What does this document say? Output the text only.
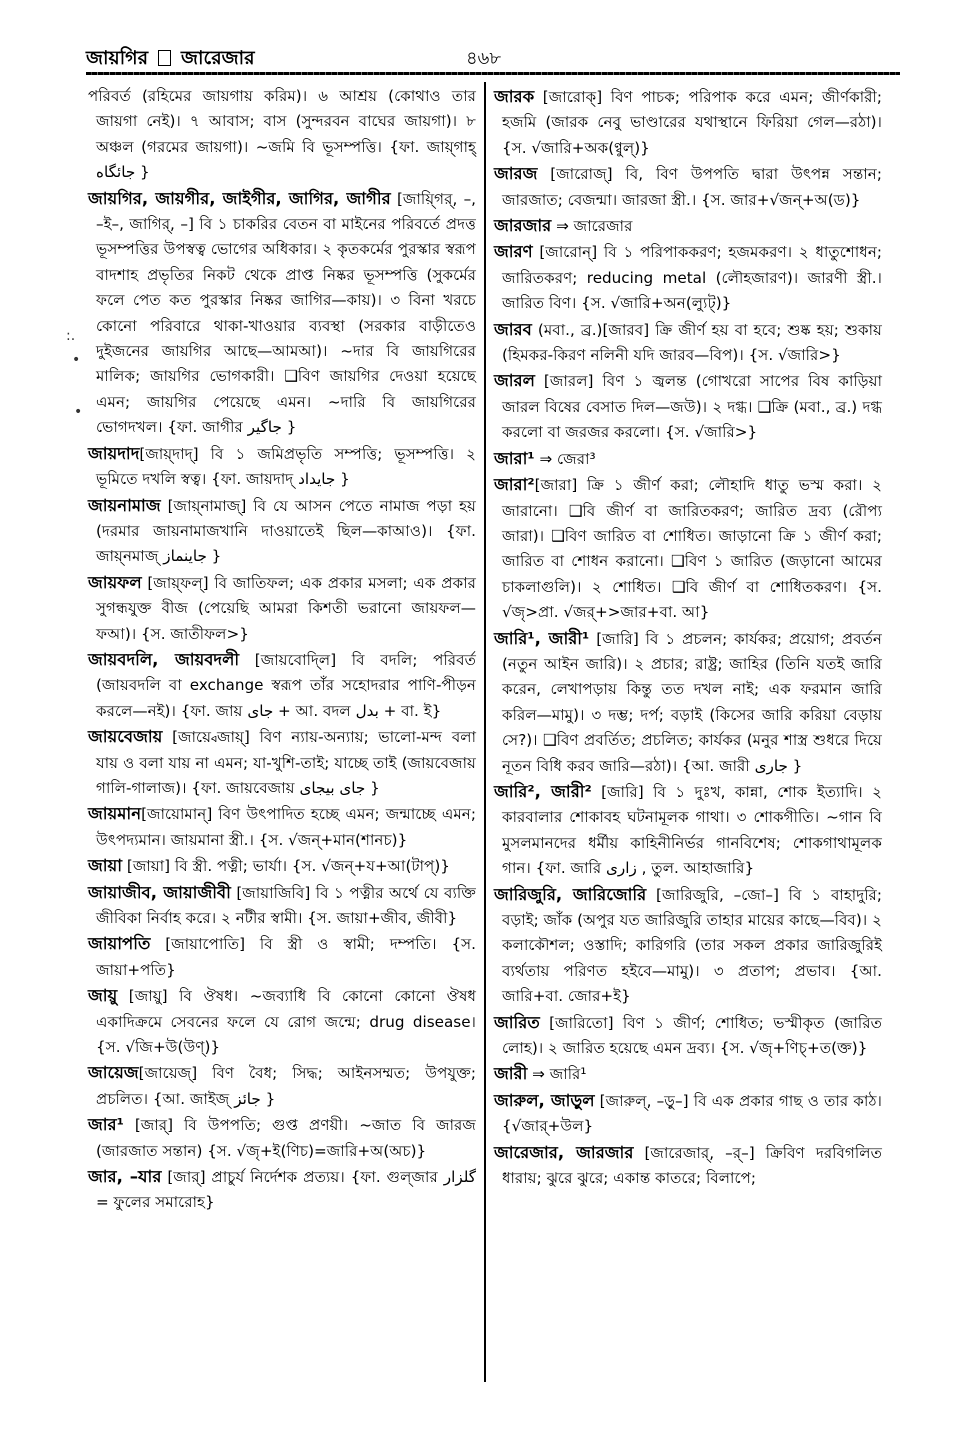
জায়গির জারেজার	৪৬৮
পরিবর্ত (রহিমের জায়গায় করিম)। ৬ আশ্রয় (কোথাও তার জায়গা নেই)। ৭ আবাস; বাস (সুন্দরবন বাঘের জায়গা)। ৮ অঞ্চল (গরমের জায়গা)। ~জমি বি ভূসম্পত্তি। {ফা. জায়্গাহ্ جائگاه }
জায়গির, জায়গীর, জাইগীর, জাগির, জাগীর [জায়্গির্, –, –ই–, জাগির্, –] বি ১ চাকরির বেতন বা মাইনের পরিবর্তে প্রদত্ত ভূসম্পত্তির উপস্বত্ব ভোগের অধিকার। ২ কৃতকর্মের পুরস্কার স্বরূপ বাদশাহ প্রভৃতির নিকট থেকে প্রাপ্ত নিষ্কর ভূসম্পত্তি (সুকর্মের ফলে পেত কত পুরস্কার নিষ্কর জাগির—কায়)। ৩ বিনা খরচে কোনো পরিবারে থাকা-খাওয়ার ব্যবস্থা (সরকার বাড়ীতেও দুইজনের জায়গির আছে—আমআ)। ~দার বি জায়গিরের মালিক; জায়গির ভোগকারী। ❑বিণ জায়গির দেওয়া হয়েছে এমন; জায়গির পেয়েছে এমন। ~দারি বি জায়গিরের ভোগদখল। {ফা. জাগীর جاگیر }
জায়দাদ[জায়্দাদ্] বি ১ জমিপ্রভৃতি সম্পত্তি; ভূসম্পত্তি। ২ ভূমিতে দখলি স্বত্ব। {ফা. জায়দাদ্ جايداد }
জায়নামাজ [জায়্নামাজ্] বি যে আসন পেতে নামাজ পড়া হয় (দরমার জায়নামাজখানি দাওয়াতেই ছিল—কাআও)। {ফা. জায়্নমাজ্ جاینماز }
জায়ফল [জায়্ফল্] বি জাতিফল; এক প্রকার মসলা; এক প্রকার সুগন্ধযুক্ত বীজ (পেয়েছি আমরা কিশতী ভরানো জায়ফল—ফআ)। {স. জাতীফল>}
জায়বদলি, জায়বদলী [জায়বোদ্লি] বি বদলি; পরিবর্ত (জায়বদলি বা exchange স্বরূপ তাঁর সহোদরার পাণি-পীড়ন করলে—নই)। {ফা. জায় جای + আ. বদল بدل + বা. ই}
জায়বেজায় [জায়্বেজায়্] বিণ ন্যায়-অন্যায়; ভালো-মন্দ বলা যায় ও বলা যায় না এমন; যা-খুশি-তাই; যাচ্ছে তাই (জায়বেজায় গালি-গালাজ)। {ফা. জায়বেজায় جای بیجای }
জায়মান[জায়োমান্] বিণ উৎপাদিত হচ্ছে এমন; জন্মাচ্ছে এমন; উৎপদ্যমান। জায়মানা স্ত্রী.। {স. √জন্+মান(শানচ)}
জায়া [জায়া] বি স্ত্রী. পত্নী; ভার্যা। {স. √জন্+য+আ(টাপ্)}
জায়াজীব, জায়াজীবী [জায়াজিবি] বি ১ পত্নীর অর্থে যে ব্যক্তি জীবিকা নির্বাহ করে। ২ নটীর স্বামী। {স. জায়া+জীব, জীবী}
জায়াপতি [জায়াপোতি] বি স্ত্রী ও স্বামী; দম্পতি। {স. জায়া+পতি}
জায়ু [জায়ু] বি ঔষধ। ~জব্যাধি বি কোনো কোনো ঔষধ একাদিক্রমে সেবনের ফলে যে রোগ জন্মে; drug disease। {স. √জি+উ(উণ্)}
জায়েজ[জায়েজ্] বিণ বৈধ; সিদ্ধ; আইনসম্মত; উপযুক্ত; প্রচলিত। {আ. জাইজ্ جائز }
জার¹ [জার্] বি উপপতি; গুপ্ত প্রণয়ী। ~জাত বি জারজ (জারজাত সন্তান) {স. √জৃ+ই(ণিচ)=জারি+অ(অচ)}
জার, –যার [জার্] প্রাচুর্য নির্দেশক প্রত্যয়। {ফা. গুল্জার گلزار = ফুলের সমারোহ}
জারক [জারোক্] বিণ পাচক; পরিপাক করে এমন; জীর্ণকারী; হজমি (জারক নেবু ভাণ্ডারের যথাস্থানে ফিরিয়া গেল—রঠা)। {স. √জারি+অক(ণ্বুল্)}
জারজ [জারোজ্] বি, বিণ উপপতি দ্বারা উৎপন্ন সন্তান; জারজাত; বেজন্মা। জারজা স্ত্রী.। {স. জার+√জন্+অ(ড)}
জারজার ⇒ জারেজার
জারণ [জারোন্] বি ১ পরিপাককরণ; হজমকরণ। ২ ধাতুশোধন; জারিতকরণ; reducing metal (লৌহজারণ)। জারণী স্ত্রী.। জারিত বিণ। {স. √জারি+অন(ল্যুট্)}
জারব (মবা., ব্র.)[জারব] ক্রি জীর্ণ হয় বা হবে; শুষ্ক হয়; শুকায় (হিমকর-কিরণ নলিনী যদি জারব—বিপ)। {স. √জারি>}
জারল [জারল] বিণ ১ জ্বলন্ত (গোখরো সাপের বিষ কাড়িয়া জারল বিষের বেসাত দিল—জউ)। ২ দগ্ধ। ❑ক্রি (মবা., ব্র.) দগ্ধ করলো বা জরজর করলো। {স. √জারি>}
জারা¹ ⇒ জেরা³
জারা²[জারা] ক্রি ১ জীর্ণ করা; লৌহাদি ধাতু ভস্ম করা। ২ জারানো। ❑বি জীর্ণ বা জারিতকরণ; জারিত দ্রব্য (রৌপ্য জারা)। ❑বিণ জারিত বা শোধিত। জাড়ানো ক্রি ১ জীর্ণ করা; জারিত বা শোধন করানো। ❑বিণ ১ জারিত (জড়ানো আমের চাকলাগুলি)। ২ শোধিত। ❑বি জীর্ণ বা শোধিতকরণ। {স. √জৃ>প্রা. √জর্+>জার+বা. আ}
জারি¹, জারী¹ [জারি] বি ১ প্রচলন; কার্যকর; প্রয়োগ; প্রবর্তন (নতুন আইন জারি)। ২ প্রচার; রাষ্ট্র; জাহির (তিনি যতই জারি করেন, লেখাপড়ায় কিন্তু তত দখল নাই; এক ফরমান জারি করিল—মামু)। ৩ দম্ভ; দর্প; বড়াই (কিসের জারি করিয়া বেড়ায় সে?)। ❑বিণ প্রবর্তিত; প্রচলিত; কার্যকর (মনুর শাস্ত্র শুধরে দিয়ে নূতন বিধি করব জারি—রঠা)। {আ. জারী جاری }
জারি², জারী² [জারি] বি ১ দুঃখ, কান্না, শোক ইত্যাদি। ২ কারবালার শোকাবহ ঘটনামূলক গাথা। ৩ শোকগীতি। ~গান বি মুসলমানদের ধর্মীয় কাহিনীনির্ভর গানবিশেষ; শোকগাথামূলক গান। {ফা. জারি زاری , তুল. আহাজারি}
জারিজুরি, জারিজোরি [জারিজুরি, –জো–] বি ১ বাহাদুরি; বড়াই; জাঁক (অপুর যত জারিজুরি তাহার মায়ের কাছে—বিব)। ২ কলাকৌশল; ওস্তাদি; কারিগরি (তার সকল প্রকার জারিজুরিই ব্যর্থতায় পরিণত হইবে—মামু)। ৩ প্রতাপ; প্রভাব। {আ. জারি+বা. জোর+ই}
জারিত [জারিতো] বিণ ১ জীর্ণ; শোধিত; ভস্মীকৃত (জারিত লোহ)। ২ জারিত হয়েছে এমন দ্রব্য। {স. √জৃ+ণিচ্+ত(ক্ত)}
জারী ⇒ জারি¹
জারুল, জাড়ুল [জারুল্, –ড়ু–] বি এক প্রকার গাছ ও তার কাঠ। {√জার্+উল}
জারেজার, জারজার [জারেজার্, –র্–] ক্রিবিণ দরবিগলিত ধারায়; ঝুরে ঝুরে; একান্ত কাতরে; বিলাপে;
:.
•
•
